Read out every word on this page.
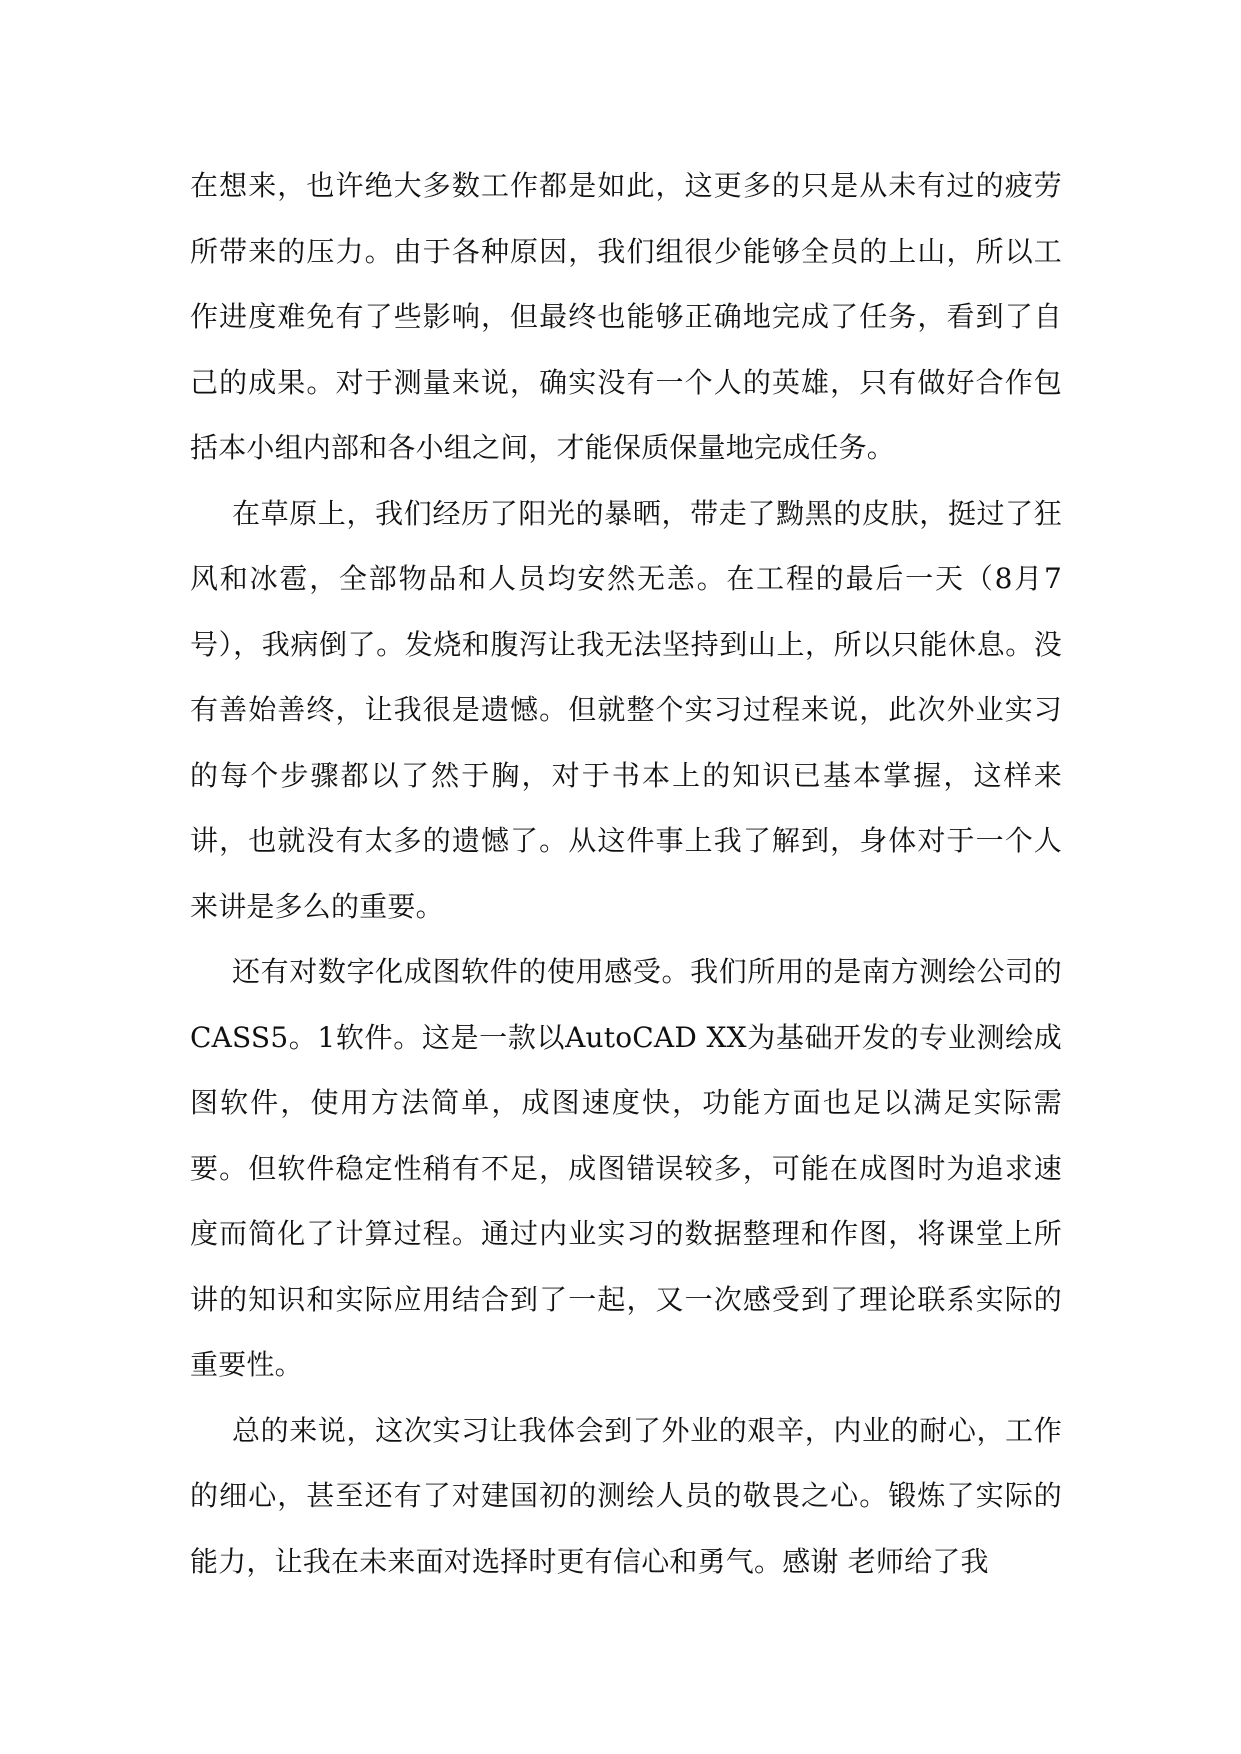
在想来，也许绝大多数工作都是如此，这更多的只是从未有过的疲劳所带来的压力。由于各种原因，我们组很少能够全员的上山，所以工作进度难免有了些影响，但最终也能够正确地完成了任务，看到了自己的成果。对于测量来说，确实没有一个人的英雄，只有做好合作包括本小组内部和各小组之间，才能保质保量地完成任务。

在草原上，我们经历了阳光的暴晒，带走了黝黑的皮肤，挺过了狂风和冰雹，全部物品和人员均安然无恙。在工程的最后一天（8月7号），我病倒了。发烧和腹泻让我无法坚持到山上，所以只能休息。没有善始善终，让我很是遗憾。但就整个实习过程来说，此次外业实习的每个步骤都以了然于胸，对于书本上的知识已基本掌握，这样来讲，也就没有太多的遗憾了。从这件事上我了解到，身体对于一个人来讲是多么的重要。

还有对数字化成图软件的使用感受。我们所用的是南方测绘公司的CASS5。1软件。这是一款以AutoCAD XX为基础开发的专业测绘成图软件，使用方法简单，成图速度快，功能方面也足以满足实际需要。但软件稳定性稍有不足，成图错误较多，可能在成图时为追求速度而简化了计算过程。通过内业实习的数据整理和作图，将课堂上所讲的知识和实际应用结合到了一起，又一次感受到了理论联系实际的重要性。

总的来说，这次实习让我体会到了外业的艰辛，内业的耐心，工作的细心，甚至还有了对建国初的测绘人员的敬畏之心。锻炼了实际的能力，让我在未来面对选择时更有信心和勇气。感谢 老师给了我
